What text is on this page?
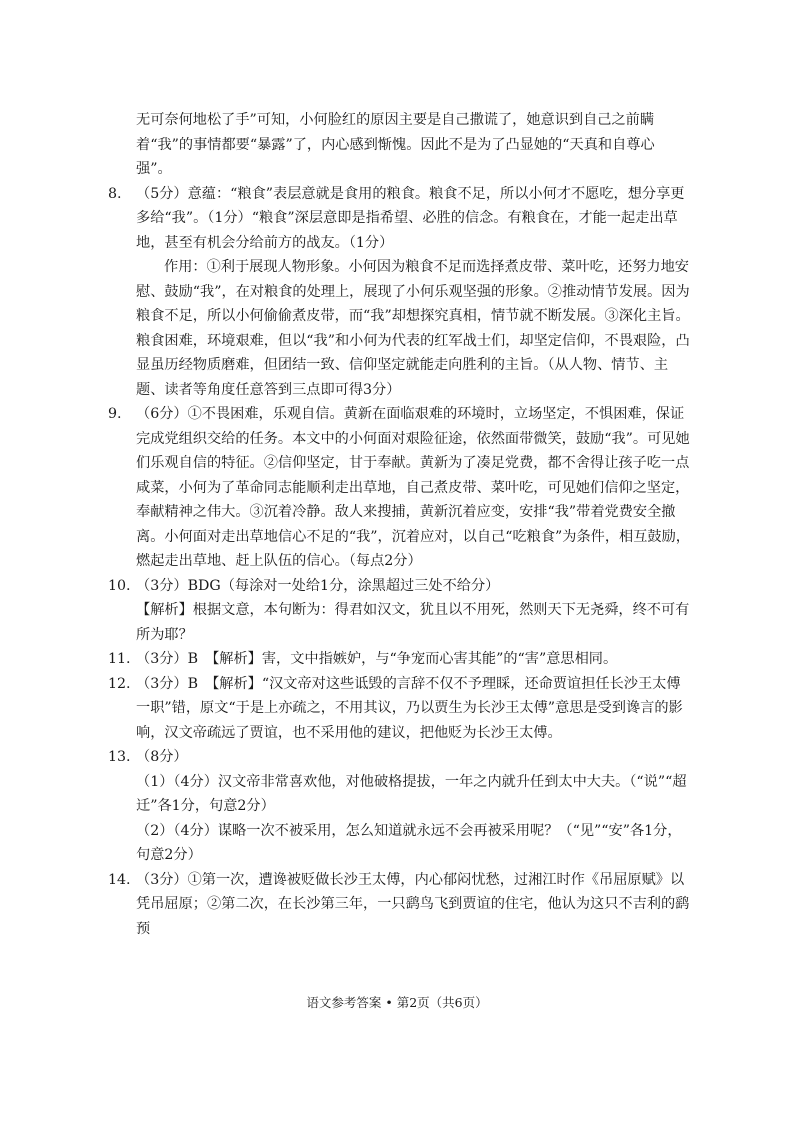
无可奈何地松了手”可知，小何脸红的原因主要是自己撒谎了，她意识到自己之前瞒着“我”的事情都要“暴露”了，内心感到惭愧。因此不是为了凸显她的“天真和自尊心强”。

8. （5分）意蕴：“粮食”表层意就是食用的粮食。粮食不足，所以小何才不愿吃，想分享更多给“我”。（1分）“粮食”深层意即是指希望、必胜的信念。有粮食在，才能一起走出草地，甚至有机会分给前方的战友。（1分）

作用：①利于展现人物形象。小何因为粮食不足而选择煮皮带、菜叶吃，还努力地安慰、鼓励“我”，在对粮食的处理上，展现了小何乐观坚强的形象。②推动情节发展。因为粮食不足，所以小何偷偷煮皮带，而“我”却想探究真相，情节就不断发展。③深化主旨。粮食困难，环境艰难，但以“我”和小何为代表的红军战士们，却坚定信仰，不畏艰险，凸显虽历经物质磨难，但团结一致、信仰坚定就能走向胜利的主旨。（从人物、情节、主题、读者等角度任意答到三点即可得3分）

9. （6分）①不畏困难，乐观自信。黄新在面临艰难的环境时，立场坚定，不惧困难，保证完成党组织交给的任务。本文中的小何面对艰险征途，依然面带微笑，鼓励“我”。可见她们乐观自信的特征。②信仰坚定，甘于奉献。黄新为了凑足党费，都不舍得让孩子吃一点咸菜，小何为了革命同志能顺利走出草地，自己煮皮带、菜叶吃，可见她们信仰之坚定，奉献精神之伟大。③沉着冷静。敌人来搜捕，黄新沉着应变，安排“我”带着党费安全撤离。小何面对走出草地信心不足的“我”，沉着应对，以自己“吃粮食”为条件，相互鼓励，燃起走出草地、赶上队伍的信心。（每点2分）

10. （3分）BDG（每涂对一处给1分，涂黑超过三处不给分）

【解析】根据文意，本句断为：得君如汉文，犹且以不用死，然则天下无尧舜，终不可有所为耶？

11. （3分）B　【解析】害，文中指嫉妒，与“争宠而心害其能”的“害”意思相同。

12. （3分）B　【解析】“汉文帝对这些诋毁的言辞不仅不予理睬，还命贾谊担任长沙王太傅一职”错，原文“于是上亦疏之，不用其议，乃以贾生为长沙王太傅”意思是受到谗言的影响，汉文帝疏远了贾谊，也不采用他的建议，把他贬为长沙王太傅。

13. （8分）

（1）（4分）汉文帝非常喜欢他，对他破格提拔，一年之内就升任到太中大夫。（“说”“超迁”各1分，句意2分）

（2）（4分）谋略一次不被采用，怎么知道就永远不会再被采用呢？（“见”“安”各1分，句意2分）

14. （3分）①第一次，遭谗被贬做长沙王太傅，内心郁闷忧愁，过湘江时作《吊屈原赋》以凭吊屈原；②第二次，在长沙第三年，一只鹞鸟飞到贾谊的住宅，他认为这只不吉利的鹞预

语文参考答案 • 第2页（共6页）
